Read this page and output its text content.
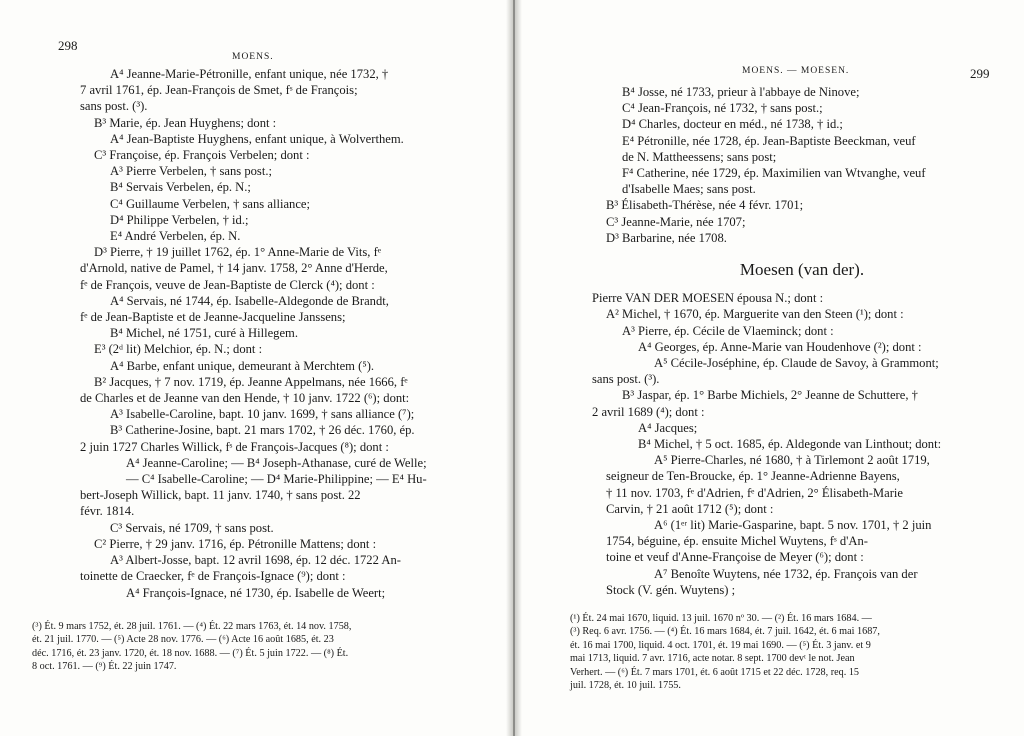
298
MOENS.
A⁴ Jeanne-Marie-Pétronille, enfant unique, née 1732, †
7 avril 1761, ép. Jean-François de Smet, fˢ de François;
sans post. (³).
B³ Marie, ép. Jean Huyghens; dont :
A⁴ Jean-Baptiste Huyghens, enfant unique, à Wolverthem.
C³ Françoise, ép. François Verbelen; dont :
A³ Pierre Verbelen, † sans post.;
B⁴ Servais Verbelen, ép. N.;
C⁴ Guillaume Verbelen, † sans alliance;
D⁴ Philippe Verbelen, † id.;
E⁴ André Verbelen, ép. N.
D³ Pierre, † 19 juillet 1762, ép. 1° Anne-Marie de Vits, fᵉ
d'Arnold, native de Pamel, † 14 janv. 1758, 2° Anne d'Herde,
fᵉ de François, veuve de Jean-Baptiste de Clerck (⁴); dont :
A⁴ Servais, né 1744, ép. Isabelle-Aldegonde de Brandt,
fᵉ de Jean-Baptiste et de Jeanne-Jacqueline Janssens;
B⁴ Michel, né 1751, curé à Hillegem.
E³ (2ᵈ lit) Melchior, ép. N.; dont :
A⁴ Barbe, enfant unique, demeurant à Merchtem (⁵).
B² Jacques, † 7 nov. 1719, ép. Jeanne Appelmans, née 1666, fᵉ
de Charles et de Jeanne van den Hende, † 10 janv. 1722 (⁶); dont:
A³ Isabelle-Caroline, bapt. 10 janv. 1699, † sans alliance (⁷);
B³ Catherine-Josine, bapt. 21 mars 1702, † 26 déc. 1760, ép.
2 juin 1727 Charles Willick, fˢ de François-Jacques (⁸); dont :
A⁴ Jeanne-Caroline; — B⁴ Joseph-Athanase, curé de Welle;
— C⁴ Isabelle-Caroline; — D⁴ Marie-Philippine; — E⁴ Hu-
bert-Joseph Willick, bapt. 11 janv. 1740, † sans post. 22
févr. 1814.
C³ Servais, né 1709, † sans post.
C² Pierre, † 29 janv. 1716, ép. Pétronille Mattens; dont :
A³ Albert-Josse, bapt. 12 avril 1698, ép. 12 déc. 1722 An-
toinette de Craecker, fᵉ de François-Ignace (⁹); dont :
A⁴ François-Ignace, né 1730, ép. Isabelle de Weert;
(³) Ét. 9 mars 1752, ét. 28 juil. 1761. — (⁴) Ét. 22 mars 1763, ét. 14 nov. 1758,
ét. 21 juil. 1770. — (⁵) Acte 28 nov. 1776. — (⁶) Acte 16 août 1685, ét. 23
déc. 1716, ét. 23 janv. 1720, ét. 18 nov. 1688. — (⁷) Ét. 5 juin 1722. — (⁸) Ét.
8 oct. 1761. — (⁹) Ét. 22 juin 1747.
MOENS. — MOESEN.	299
B⁴ Josse, né 1733, prieur à l'abbaye de Ninove;
C⁴ Jean-François, né 1732, † sans post.;
D⁴ Charles, docteur en méd., né 1738, † id.;
E⁴ Pétronille, née 1728, ép. Jean-Baptiste Beeckman, veuf
de N. Mattheessens; sans post;
F⁴ Catherine, née 1729, ép. Maximilien van Wtvanghe, veuf
d'Isabelle Maes; sans post.
B³ Élisabeth-Thérèse, née 4 févr. 1701;
C³ Jeanne-Marie, née 1707;
D³ Barbarine, née 1708.
Moesen (van der).
Pierre VAN DER MOESEN épousa N.; dont :
A² Michel, † 1670, ép. Marguerite van den Steen (¹); dont :
A³ Pierre, ép. Cécile de Vlaeminck; dont :
A⁴ Georges, ép. Anne-Marie van Houdenhove (²); dont :
A⁵ Cécile-Joséphine, ép. Claude de Savoy, à Grammont;
sans post. (³).
B³ Jaspar, ép. 1° Barbe Michiels, 2° Jeanne de Schuttere, †
2 avril 1689 (⁴); dont :
A⁴ Jacques;
B⁴ Michel, † 5 oct. 1685, ép. Aldegonde van Linthout; dont:
A⁵ Pierre-Charles, né 1680, † à Tirlemont 2 août 1719,
seigneur de Ten-Broucke, ép. 1° Jeanne-Adrienne Bayens,
† 11 nov. 1703, fᵉ d'Adrien, fᵉ d'Adrien, 2° Élisabeth-Marie
Carvin, † 21 août 1712 (⁵); dont :
A⁶ (1ᵉʳ lit) Marie-Gasparine, bapt. 5 nov. 1701, † 2 juin
1754, béguine, ép. ensuite Michel Wuytens, fˢ d'An-
toine et veuf d'Anne-Françoise de Meyer (⁶); dont :
A⁷ Benoîte Wuytens, née 1732, ép. François van der
Stock (V. gén. Wuytens) ;
(¹) Ét. 24 mai 1670, liquid. 13 juil. 1670 nº 30. — (²) Ét. 16 mars 1684. —
(³) Req. 6 avr. 1756. — (⁴) Ét. 16 mars 1684, ét. 7 juil. 1642, ét. 6 mai 1687,
ét. 16 mai 1700, liquid. 4 oct. 1701, ét. 19 mai 1690. — (⁵) Ét. 3 janv. et 9
mai 1713, liquid. 7 avr. 1716, acte notar. 8 sept. 1700 devᵗ le not. Jean
Verhert. — (⁶) Ét. 7 mars 1701, ét. 6 août 1715 et 22 déc. 1728, req. 15
juil. 1728, ét. 10 juil. 1755.
